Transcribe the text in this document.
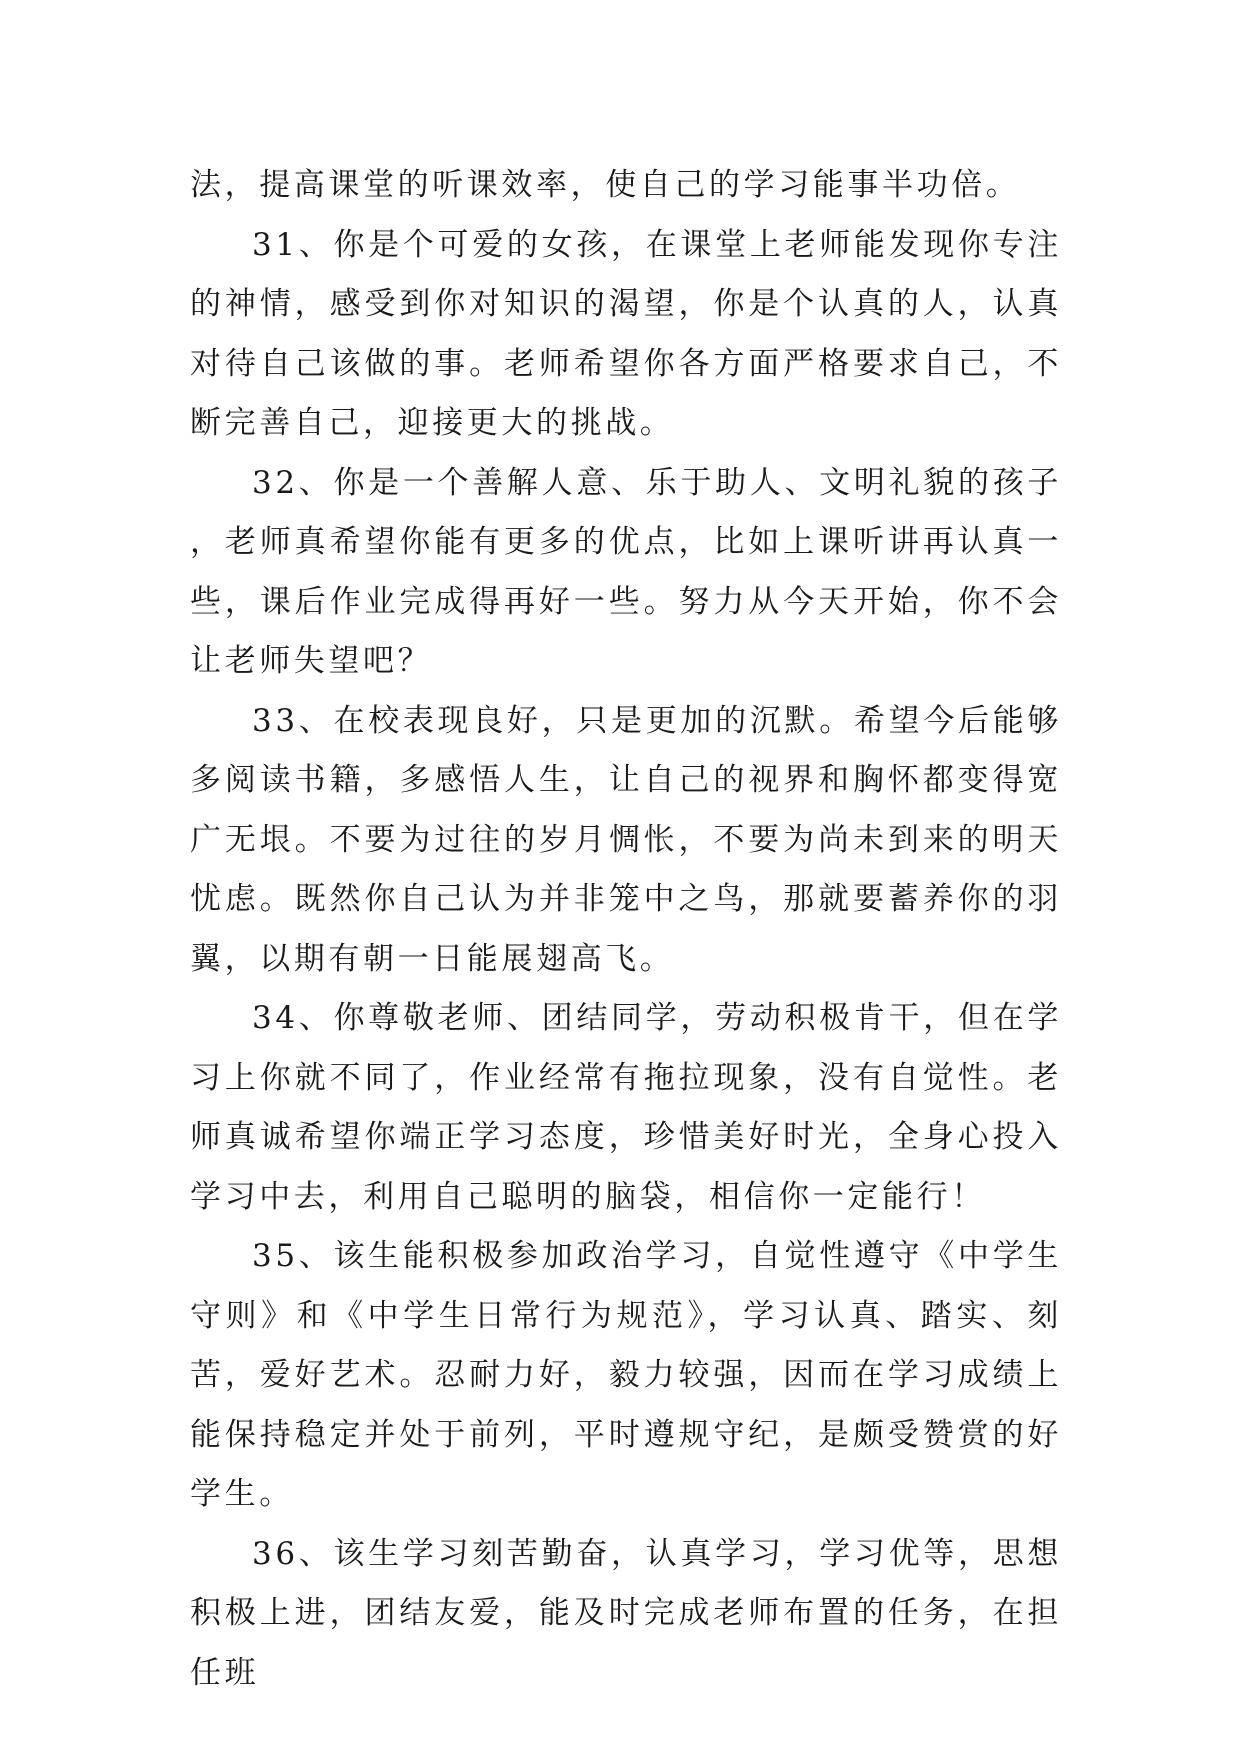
法，提高课堂的听课效率，使自己的学习能事半功倍。

31、你是个可爱的女孩，在课堂上老师能发现你专注的神情，感受到你对知识的渴望，你是个认真的人，认真对待自己该做的事。老师希望你各方面严格要求自己，不断完善自己，迎接更大的挑战。

32、你是一个善解人意、乐于助人、文明礼貌的孩子，老师真希望你能有更多的优点，比如上课听讲再认真一些，课后作业完成得再好一些。努力从今天开始，你不会让老师失望吧？

33、在校表现良好，只是更加的沉默。希望今后能够多阅读书籍，多感悟人生，让自己的视界和胸怀都变得宽广无垠。不要为过往的岁月惆怅，不要为尚未到来的明天忧虑。既然你自己认为并非笼中之鸟，那就要蓄养你的羽翼，以期有朝一日能展翅高飞。

34、你尊敬老师、团结同学，劳动积极肯干，但在学习上你就不同了，作业经常有拖拉现象，没有自觉性。老师真诚希望你端正学习态度，珍惜美好时光，全身心投入学习中去，利用自己聪明的脑袋，相信你一定能行！

35、该生能积极参加政治学习，自觉性遵守《中学生守则》和《中学生日常行为规范》，学习认真、踏实、刻苦，爱好艺术。忍耐力好，毅力较强，因而在学习成绩上能保持稳定并处于前列，平时遵规守纪，是颇受赞赏的好学生。

36、该生学习刻苦勤奋，认真学习，学习优等，思想积极上进，团结友爱，能及时完成老师布置的任务，在担任班
